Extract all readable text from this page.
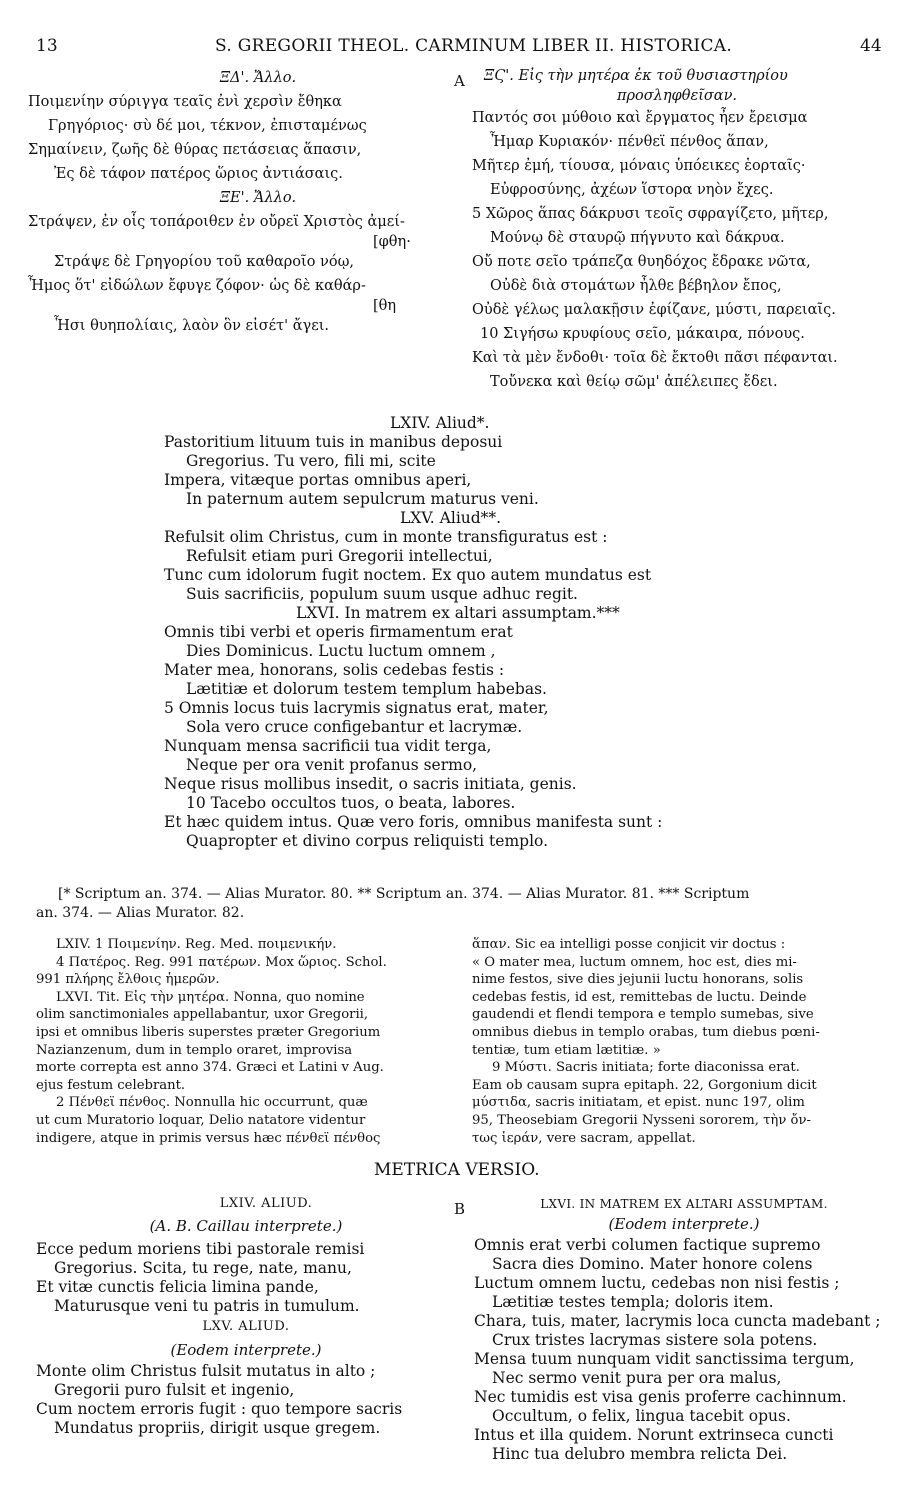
13	S. GREGORII THEOL. CARMINUM LIBER II. HISTORICA.	44
ΞΔ'. Ἄλλο.
Ποιμενίην σύριγγα τεαῖς ἐνὶ χερσὶν ἔθηκα
Γρηγόριος· σὺ δέ μοι, τέκνον, ἐπισταμένως
Σημαίνειν, ζωῆς δὲ θύρας πετάσειας ἅπασιν,
Ἐς δὲ τάφον πατέρος ὥριος ἀντιάσαις.
ΞΕ'. Ἄλλο.
Στράψεν, ἐν οἷς τοπάροιθεν ἐν οὔρεϊ Χριστὸς ἀμεί-
[φθη·
Στράψε δὲ Γρηγορίου τοῦ καθαροῖο νόῳ,
Ἦμος ὅτ' εἰδώλων ἔφυγε ζόφον· ὡς δὲ καθάρ-
[θη
Ἧσι θυηπολίαις, λαὸν ὃν εἰσέτ' ἄγει.
A	ΞϚ'. Εἰς τὴν μητέρα ἐκ τοῦ θυσιαστηρίου
προσληφθεῖσαν.
Παντός σοι μύθοιο καὶ ἔργματος ἦεν ἔρεισμα
Ἦμαρ Κυριακόν· πένθεϊ πένθος ἅπαν,
Μῆτερ ἐμή, τίουσα, μόναις ὑπόεικες ἑορταῖς·
Εὐφροσύνης, ἀχέων ἵστορα νηὸν ἔχες.
5 Χῶρος ἅπας δάκρυσι τεοῖς σφραγίζετο, μῆτερ,
Μούνῳ δὲ σταυρῷ πήγνυτο καὶ δάκρυα.
Οὔ ποτε σεῖο τράπεζα θυηδόχος ἔδρακε νῶτα,
Οὐδὲ διὰ στομάτων ἦλθε βέβηλον ἔπος,
Οὐδὲ γέλως μαλακῇσιν ἐφίζανε, μύστι, παρειαῖς.
10 Σιγήσω κρυφίους σεῖο, μάκαιρα, πόνους.
Καὶ τὰ μὲν ἔνδοθι· τοῖα δὲ ἔκτοθι πᾶσι πέφανται.
Τοὔνεκα καὶ θείῳ σῶμ' ἀπέλειπες ἔδει.
LXIV. Aliud*.
Pastoritium lituum tuis in manibus deposui
Gregorius. Tu vero, fili mi, scite
Impera, vitæque portas omnibus aperi,
In paternum autem sepulcrum maturus veni.
LXV. Aliud**.
Refulsit olim Christus, cum in monte transfiguratus est :
Refulsit etiam puri Gregorii intellectui,
Tunc cum idolorum fugit noctem. Ex quo autem mundatus est
Suis sacrificiis, populum suum usque adhuc regit.
LXVI. In matrem ex altari assumptam.***
Omnis tibi verbi et operis firmamentum erat
Dies Dominicus. Luctu luctum omnem ,
Mater mea, honorans, solis cedebas festis :
Lætitiæ et dolorum testem templum habebas.
5 Omnis locus tuis lacrymis signatus erat, mater,
Sola vero cruce configebantur et lacrymæ.
Nunquam mensa sacrificii tua vidit terga,
Neque per ora venit profanus sermo,
Neque risus mollibus insedit, o sacris initiata, genis.
10 Tacebo occultos tuos, o beata, labores.
Et hæc quidem intus. Quæ vero foris, omnibus manifesta sunt :
Quapropter et divino corpus reliquisti templo.
[* Scriptum an. 374. — Alias Murator. 80. ** Scriptum an. 374. — Alias Murator. 81. *** Scriptum
an. 374. — Alias Murator. 82.
LXIV. 1 Ποιμενίην. Reg. Med. ποιμενικήν.
4 Πατέρος. Reg. 991 πατέρων. Mox ὥριος. Schol.
991 πλήρης ἔλθοις ἡμερῶν.
LXVI. Tit. Εἰς τὴν μητέρα. Nonna, quo nomine
olim sanctimoniales appellabantur, uxor Gregorii,
ipsi et omnibus liberis superstes præter Gregorium
Nazianzenum, dum in templo oraret, improvisa
morte correpta est anno 374. Græci et Latini v Aug.
ejus festum celebrant.
2 Πένθεϊ πένθος. Nonnulla hic occurrunt, quæ
ut cum Muratorio loquar, Delio natatore videntur
indigere, atque in primis versus hæc πένθεϊ πένθος
ἅπαν. Sic ea intelligi posse conjicit vir doctus :
« O mater mea, luctum omnem, hoc est, dies mi-
nime festos, sive dies jejunii luctu honorans, solis
cedebas festis, id est, remittebas de luctu. Deinde
gaudendi et flendi tempora e templo sumebas, sive
omnibus diebus in templo orabas, tum diebus pœni-
tentiæ, tum etiam lætitiæ. »
9 Μύστι. Sacris initiata; forte diaconissa erat.
Eam ob causam supra epitaph. 22, Gorgonium dicit
μύστιδα, sacris initiatam, et epist. nunc 197, olim
95, Theosebiam Gregorii Nysseni sororem, τὴν ὄν-
τως ἱεράν, vere sacram, appellat.
METRICA VERSIO.
B
LXIV. ALIUD.
(A. B. Caillau interprete.)
Ecce pedum moriens tibi pastorale remisi
Gregorius. Scita, tu rege, nate, manu,
Et vitæ cunctis felicia limina pande,
Maturusque veni tu patris in tumulum.
LXV. ALIUD.
(Eodem interprete.)
Monte olim Christus fulsit mutatus in alto ;
Gregorii puro fulsit et ingenio,
Cum noctem erroris fugit : quo tempore sacris
Mundatus propriis, dirigit usque gregem.
LXVI. IN MATREM EX ALTARI ASSUMPTAM.
(Eodem interprete.)
Omnis erat verbi columen factique supremo
Sacra dies Domino. Mater honore colens
Luctum omnem luctu, cedebas non nisi festis ;
Lætitiæ testes templa; doloris item.
Chara, tuis, mater, lacrymis loca cuncta madebant ;
Crux tristes lacrymas sistere sola potens.
Mensa tuum nunquam vidit sanctissima tergum,
Nec sermo venit pura per ora malus,
Nec tumidis est visa genis proferre cachinnum.
Occultum, o felix, lingua tacebit opus.
Intus et illa quidem. Norunt extrinseca cuncti
Hinc tua delubro membra relicta Dei.
